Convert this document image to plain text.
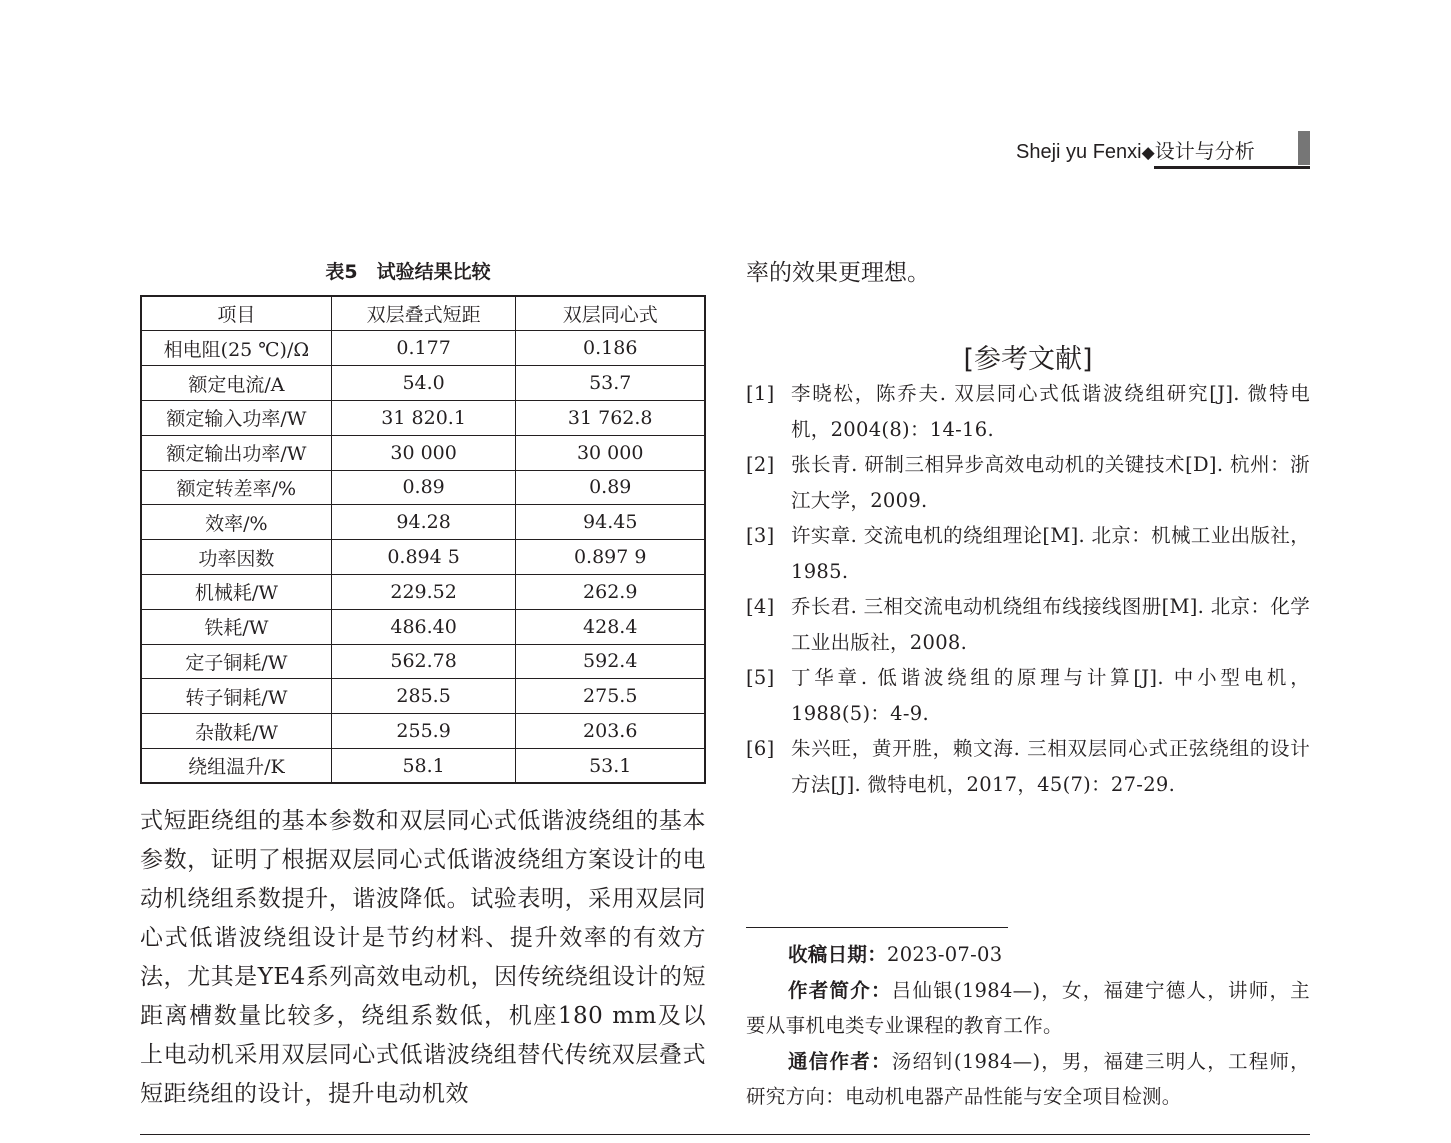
Sheji yu Fenxi◆设计与分析
表5　试验结果比较
项目	双层叠式短距	双层同心式
相电阻(25 ℃)/Ω	0.177	0.186
额定电流/A	54.0	53.7
额定输入功率/W	31 820.1	31 762.8
额定输出功率/W	30 000	30 000
额定转差率/%	0.89	0.89
效率/%	94.28	94.45
功率因数	0.894 5	0.897 9
机械耗/W	229.52	262.9
铁耗/W	486.40	428.4
定子铜耗/W	562.78	592.4
转子铜耗/W	285.5	275.5
杂散耗/W	255.9	203.6
绕组温升/K	58.1	53.1
式短距绕组的基本参数和双层同心式低谐波绕组的基本参数，证明了根据双层同心式低谐波绕组方案设计的电动机绕组系数提升，谐波降低。试验表明，采用双层同心式低谐波绕组设计是节约材料、提升效率的有效方法，尤其是YE4系列高效电动机，因传统绕组设计的短距离槽数量比较多，绕组系数低，机座180 mm及以上电动机采用双层同心式低谐波绕组替代传统双层叠式短距绕组的设计，提升电动机效
率的效果更理想。
[参考文献]
[1] 李晓松，陈乔夫. 双层同心式低谐波绕组研究[J]. 微特电机，2004(8)：14-16.
[2] 张长青. 研制三相异步高效电动机的关键技术[D]. 杭州：浙江大学，2009.
[3] 许实章. 交流电机的绕组理论[M]. 北京：机械工业出版社，1985.
[4] 乔长君. 三相交流电动机绕组布线接线图册[M]. 北京：化学工业出版社，2008.
[5] 丁华章. 低谐波绕组的原理与计算[J]. 中小型电机，1988(5)：4-9.
[6] 朱兴旺，黄开胜，赖文海. 三相双层同心式正弦绕组的设计方法[J]. 微特电机，2017，45(7)：27-29.
收稿日期：2023-07-03
作者简介：吕仙银(1984—)，女，福建宁德人，讲师，主要从事机电类专业课程的教育工作。
通信作者：汤绍钊(1984—)，男，福建三明人，工程师，研究方向：电动机电器产品性能与安全项目检测。
